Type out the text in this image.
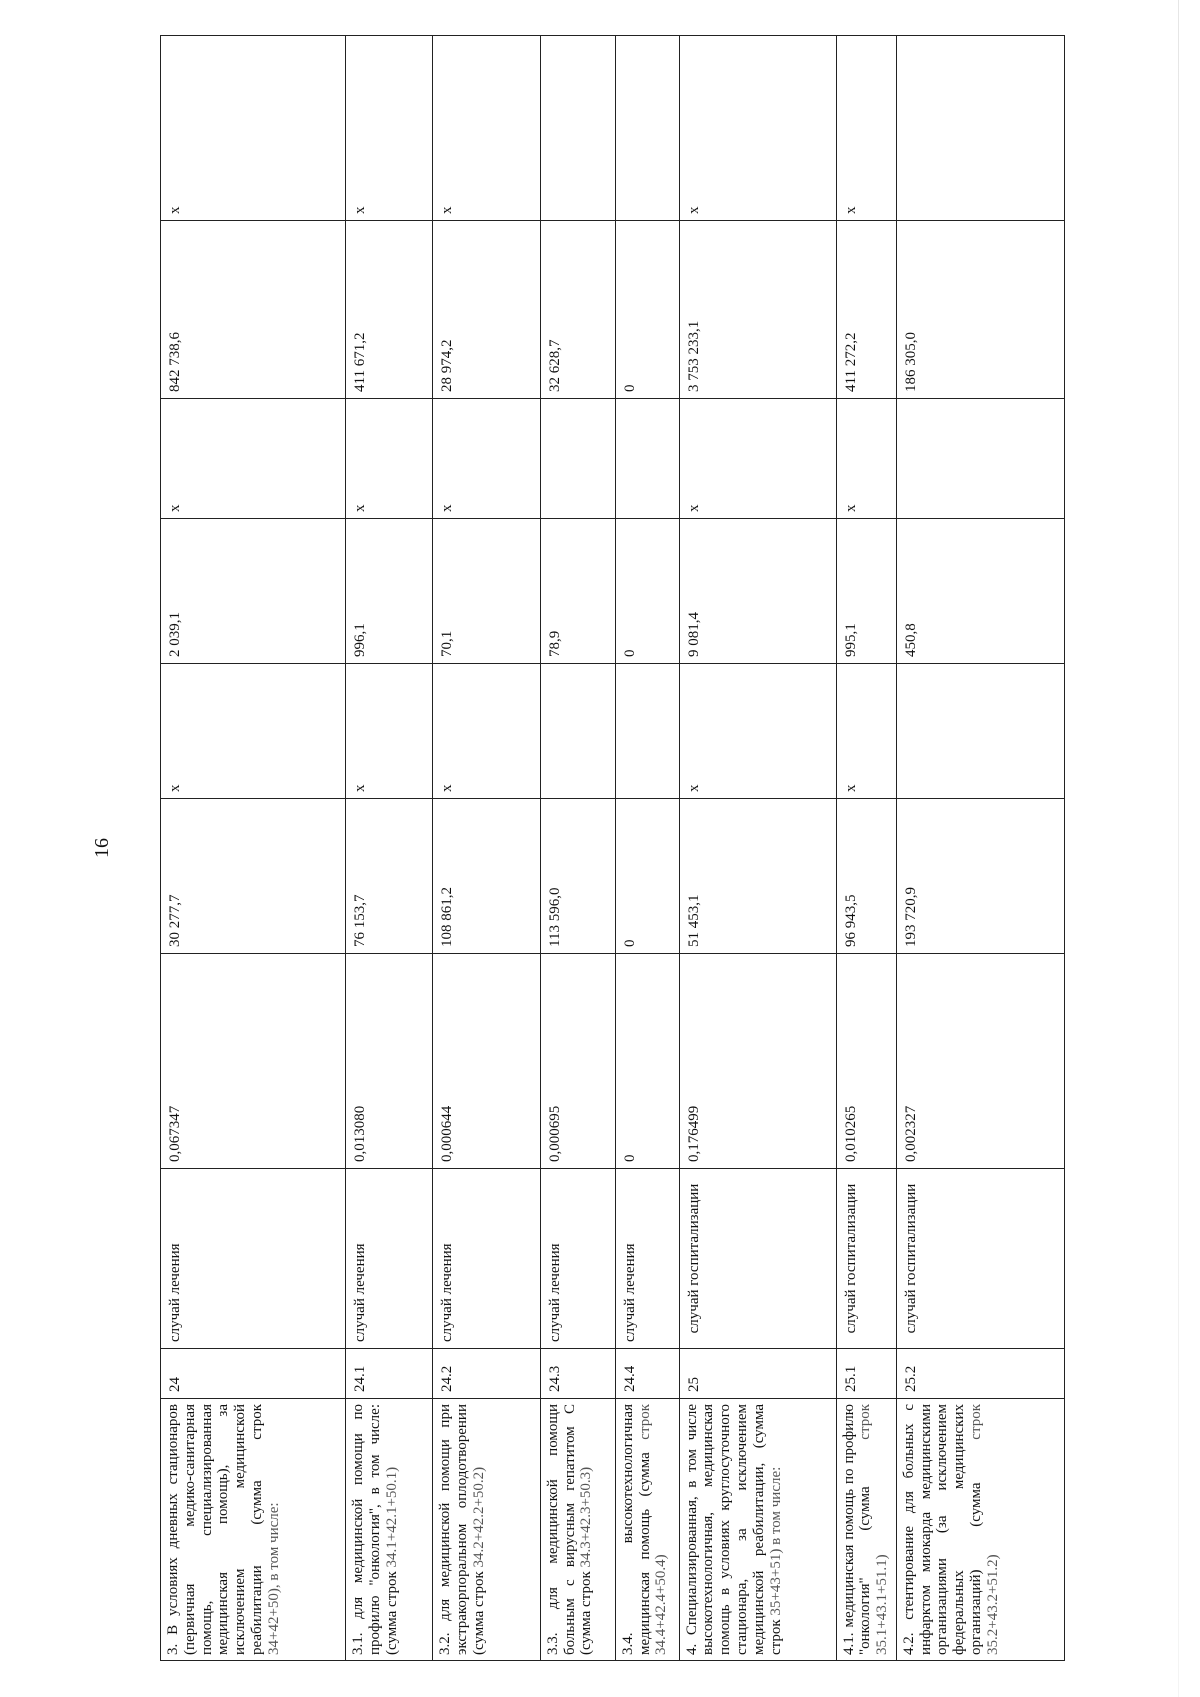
16
3. В условиях дневных стационаров (первичная медико-санитарная помощь, специализированная медицинская помощь), за исключением медицинской реабилитации (сумма строк 34+42+50), в том числе:	24	случай лечения	0,067347	30 277,7	x	2 039,1	x	842 738,6	x
3.1. для медицинской помощи по профилю "онкология", в том числе: (сумма строк 34.1+42.1+50.1)	24.1	случай лечения	0,013080	76 153,7	x	996,1	x	411 671,2	x
3.2. для медицинской помощи при экстракорпоральном оплодотворении (сумма строк 34.2+42.2+50.2)	24.2	случай лечения	0,000644	108 861,2	x	70,1	x	28 974,2	x
3.3. для медицинской помощи больным с вирусным гепатитом С (сумма строк 34.3+42.3+50.3)	24.3	случай лечения	0,000695	113 596,0		78,9		32 628,7	
3.4. высокотехнологичная медицинская помощь (сумма строк 34.4+42.4+50.4)	24.4	случай лечения	0	0		0		0	
4. Специализированная, в том числе высокотехнологичная, медицинская помощь в условиях круглосуточного стационара, за исключением медицинской реабилитации, (сумма строк 35+43+51) в том числе:	25	случай госпитализации	0,176499	51 453,1	x	9 081,4	x	3 753 233,1	x
4.1. медицинская помощь по профилю "онкология" (сумма строк 35.1+43.1+51.1)	25.1	случай госпитализации	0,010265	96 943,5	x	995,1	x	411 272,2	x
4.2. стентирование для больных с инфарктом миокарда медицинскими организациями (за исключением федеральных медицинских организаций) (сумма строк 35.2+43.2+51.2)	25.2	случай госпитализации	0,002327	193 720,9		450,8		186 305,0	
